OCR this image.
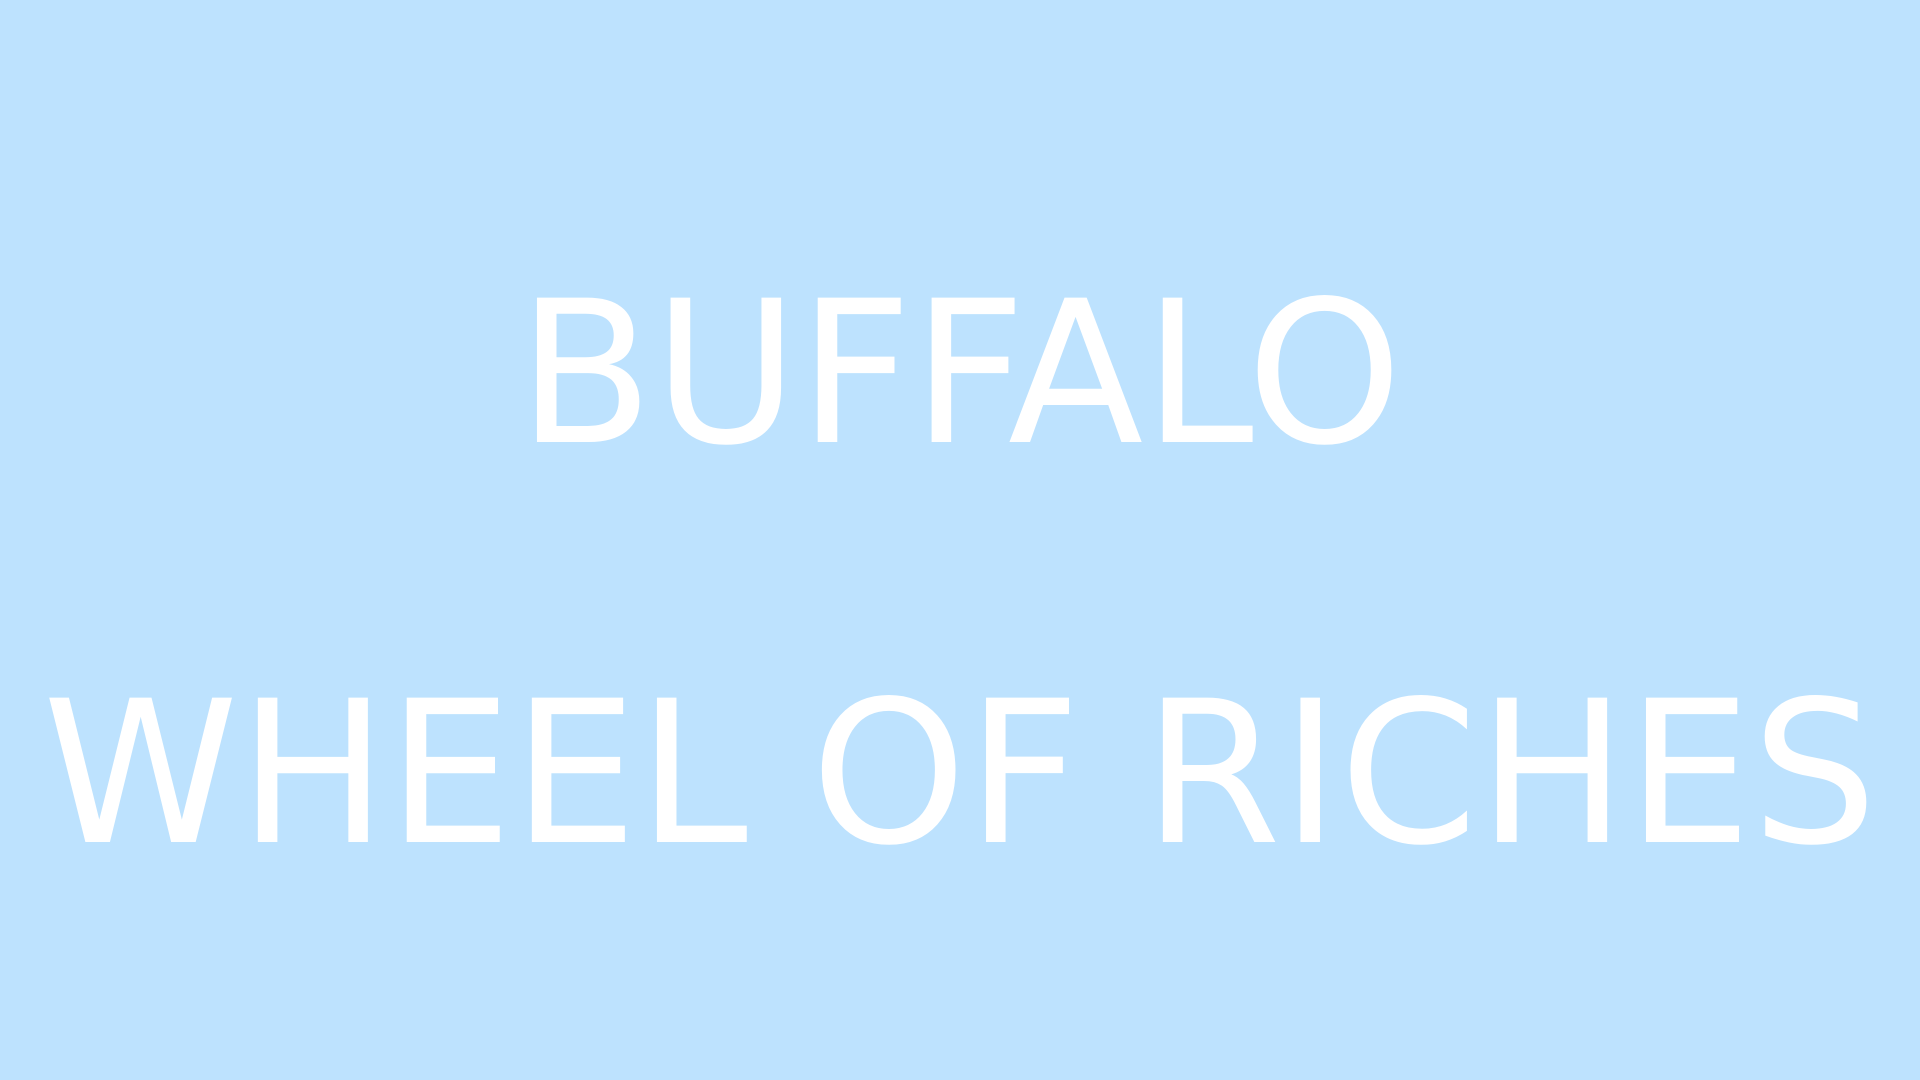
BUFFALO
WHEEL OF RICHES
